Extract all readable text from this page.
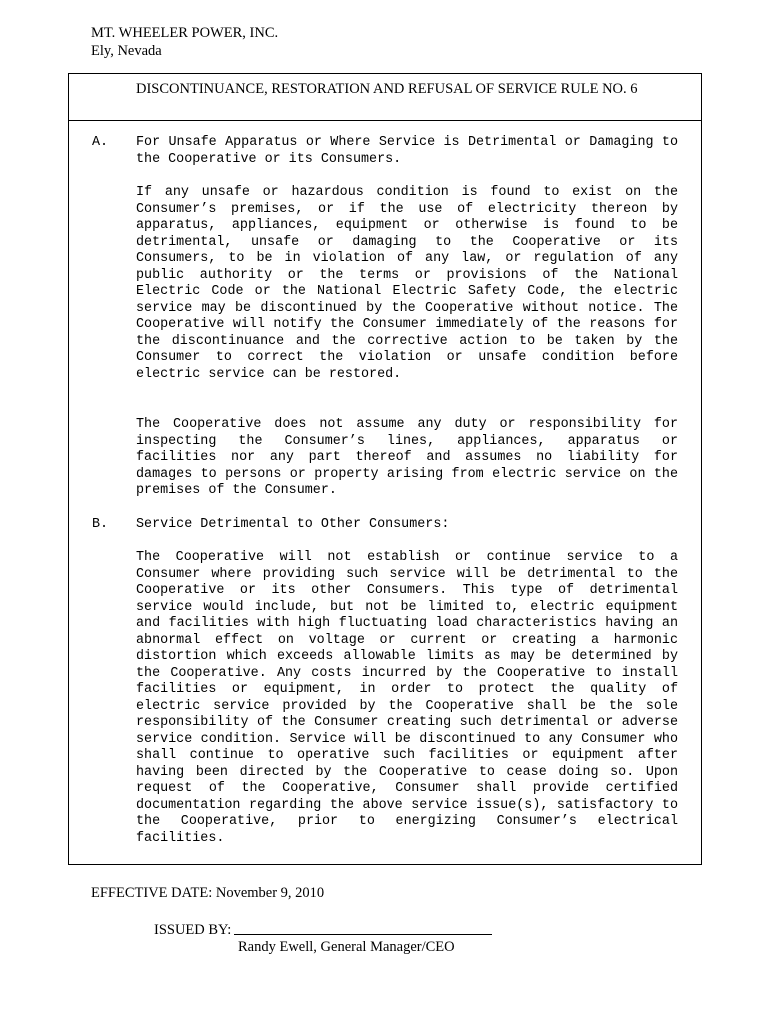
MT. WHEELER POWER, INC.
Ely, Nevada
DISCONTINUANCE, RESTORATION AND REFUSAL OF SERVICE RULE NO. 6
A. For Unsafe Apparatus or Where Service is Detrimental or Damaging to the Cooperative or its Consumers.
If any unsafe or hazardous condition is found to exist on the Consumer’s premises, or if the use of electricity thereon by apparatus, appliances, equipment or otherwise is found to be detrimental, unsafe or damaging to the Cooperative or its Consumers, to be in violation of any law, or regulation of any public authority or the terms or provisions of the National Electric Code or the National Electric Safety Code, the electric service may be discontinued by the Cooperative without notice. The Cooperative will notify the Consumer immediately of the reasons for the discontinuance and the corrective action to be taken by the Consumer to correct the violation or unsafe condition before electric service can be restored.
The Cooperative does not assume any duty or responsibility for inspecting the Consumer’s lines, appliances, apparatus or facilities nor any part thereof and assumes no liability for damages to persons or property arising from electric service on the premises of the Consumer.
B. Service Detrimental to Other Consumers:
The Cooperative will not establish or continue service to a Consumer where providing such service will be detrimental to the Cooperative or its other Consumers. This type of detrimental service would include, but not be limited to, electric equipment and facilities with high fluctuating load characteristics having an abnormal effect on voltage or current or creating a harmonic distortion which exceeds allowable limits as may be determined by the Cooperative. Any costs incurred by the Cooperative to install facilities or equipment, in order to protect the quality of electric service provided by the Cooperative shall be the sole responsibility of the Consumer creating such detrimental or adverse service condition. Service will be discontinued to any Consumer who shall continue to operative such facilities or equipment after having been directed by the Cooperative to cease doing so. Upon request of the Cooperative, Consumer shall provide certified documentation regarding the above service issue(s), satisfactory to the Cooperative, prior to energizing Consumer’s electrical facilities.
EFFECTIVE DATE: November 9, 2010
ISSUED BY:
Randy Ewell, General Manager/CEO
